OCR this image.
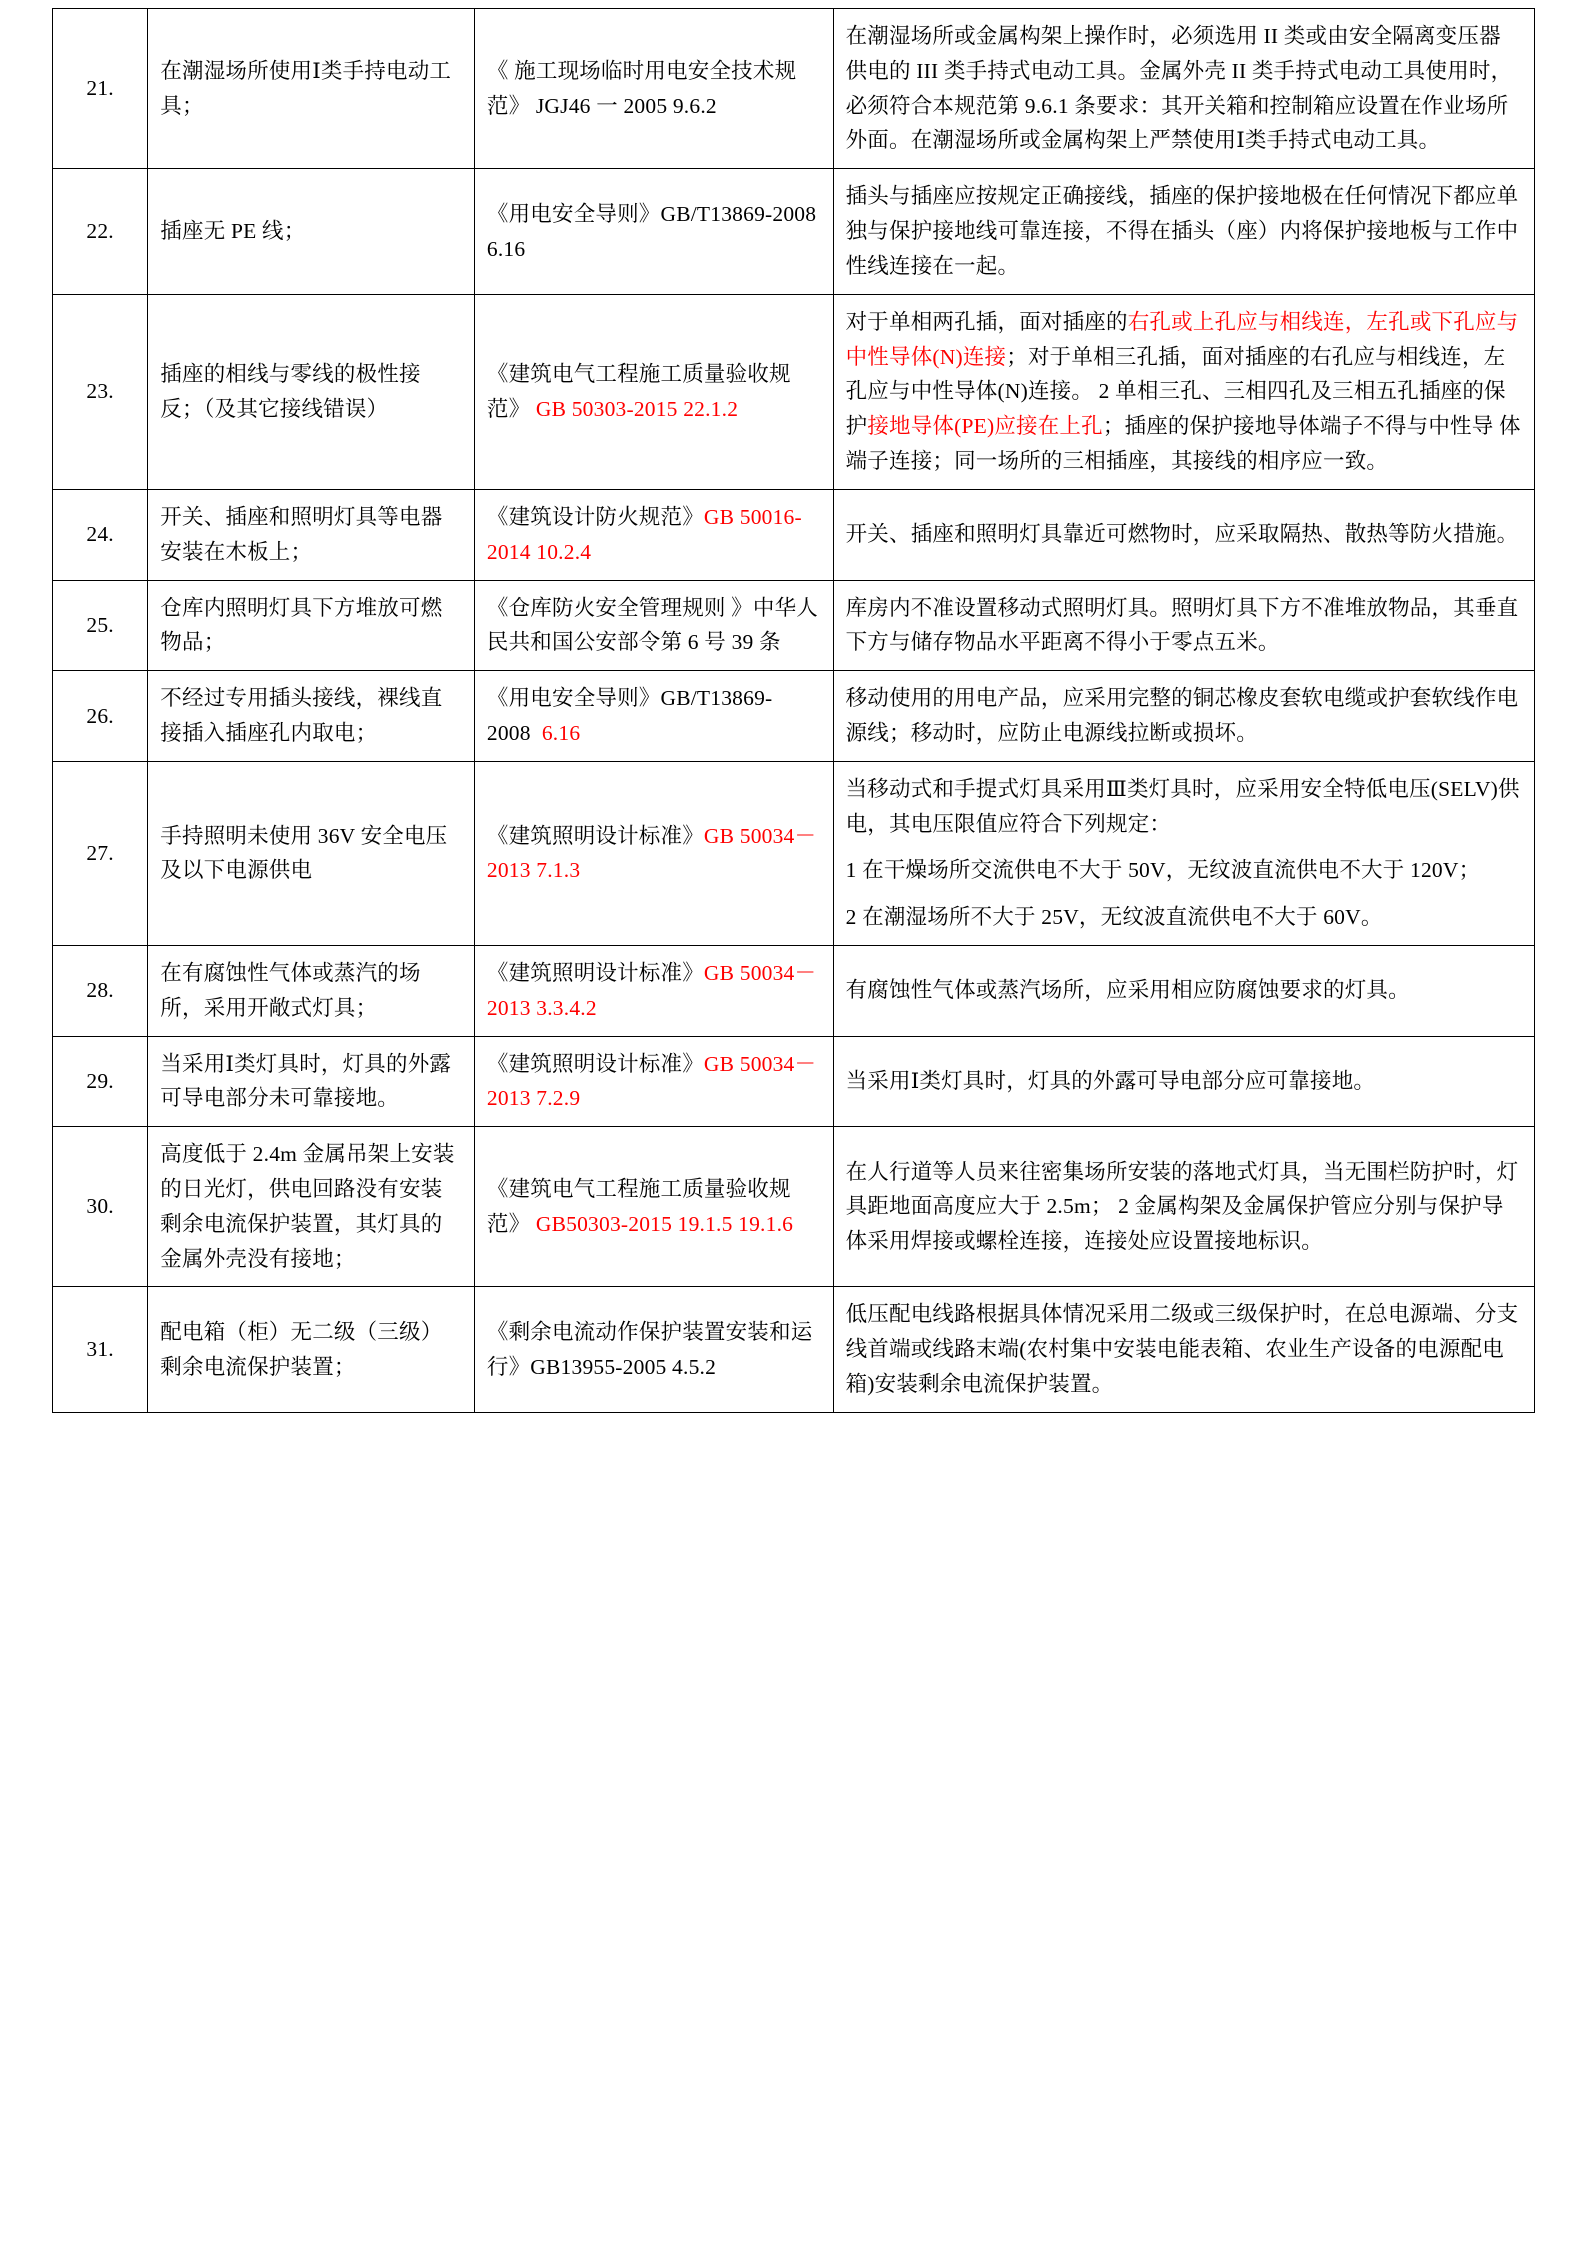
21.	在潮湿场所使用Ⅰ类手持电动工具；	《 施工现场临时用电安全技术规范》 JGJ46 一 2005 9.6.2	在潮湿场所或金属构架上操作时，必须选用 II 类或由安全隔离变压器供电的 III 类手持式电动工具。金属外壳 II 类手持式电动工具使用时，必须符合本规范第 9.6.1 条要求：其开关箱和控制箱应设置在作业场所外面。在潮湿场所或金属构架上严禁使用Ⅰ类手持式电动工具。
22.	插座无 PE 线；	《用电安全导则》GB/T13869-2008 6.16	插头与插座应按规定正确接线，插座的保护接地极在任何情况下都应单独与保护接地线可靠连接，不得在插头（座）内将保护接地板与工作中性线连接在一起。
23.	插座的相线与零线的极性接反；（及其它接线错误）	《建筑电气工程施工质量验收规范》 GB 50303-2015 22.1.2	对于单相两孔插，面对插座的右孔或上孔应与相线连，左孔或下孔应与中性导体(N)连接；对于单相三孔插，面对插座的右孔应与相线连，左孔应与中性导体(N)连接。 2 单相三孔、三相四孔及三相五孔插座的保护接地导体(PE)应接在上孔；插座的保护接地导体端子不得与中性导 体端子连接；同一场所的三相插座，其接线的相序应一致。
24.	开关、插座和照明灯具等电器安装在木板上；	《建筑设计防火规范》GB 50016-2014 10.2.4	开关、插座和照明灯具靠近可燃物时，应采取隔热、散热等防火措施。
25.	仓库内照明灯具下方堆放可燃物品；	《仓库防火安全管理规则 》中华人民共和国公安部令第 6 号 39 条	库房内不准设置移动式照明灯具。照明灯具下方不准堆放物品，其垂直下方与储存物品水平距离不得小于零点五米。
26.	不经过专用插头接线，裸线直接插入插座孔内取电；	《用电安全导则》GB/T13869-2008 6.16	移动使用的用电产品，应采用完整的铜芯橡皮套软电缆或护套软线作电源线；移动时，应防止电源线拉断或损坏。
27.	手持照明未使用 36V 安全电压及以下电源供电	《建筑照明设计标准》GB 50034－2013 7.1.3	当移动式和手提式灯具采用Ⅲ类灯具时，应采用安全特低电压(SELV)供电，其电压限值应符合下列规定：

1 在干燥场所交流供电不大于 50V，无纹波直流供电不大于 120V；

2 在潮湿场所不大于 25V，无纹波直流供电不大于 60V。

28.	在有腐蚀性气体或蒸汽的场所，采用开敞式灯具；	《建筑照明设计标准》GB 50034－2013 3.3.4.2	有腐蚀性气体或蒸汽场所，应采用相应防腐蚀要求的灯具。
29.	当采用Ⅰ类灯具时，灯具的外露可导电部分未可靠接地。	《建筑照明设计标准》GB 50034－2013 7.2.9	当采用Ⅰ类灯具时，灯具的外露可导电部分应可靠接地。
30.	高度低于 2.4m 金属吊架上安装的日光灯，供电回路没有安装剩余电流保护装置，其灯具的金属外壳没有接地；	《建筑电气工程施工质量验收规范》 GB50303-2015 19.1.5 19.1.6	在人行道等人员来往密集场所安装的落地式灯具，当无围栏防护时，灯具距地面高度应大于 2.5m； 2 金属构架及金属保护管应分别与保护导体采用焊接或螺栓连接，连接处应设置接地标识。
31.	配电箱（柜）无二级（三级）剩余电流保护装置；	《剩余电流动作保护装置安装和运行》GB13955-2005 4.5.2	低压配电线路根据具体情况采用二级或三级保护时，在总电源端、分支线首端或线路末端(农村集中安装电能表箱、农业生产设备的电源配电箱)安装剩余电流保护装置。
